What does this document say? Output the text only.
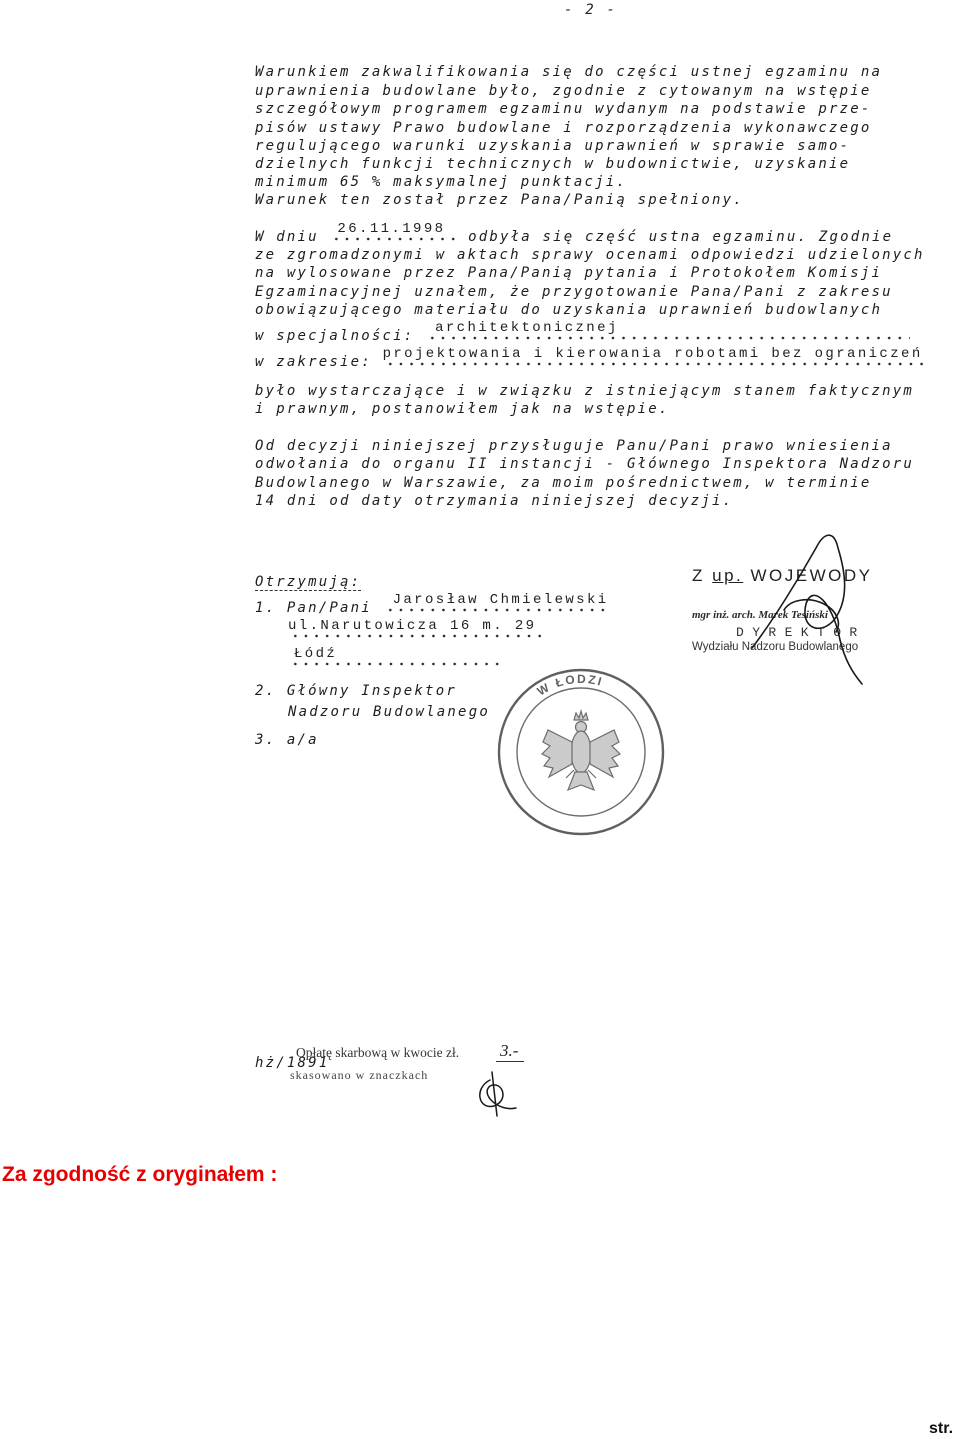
- 2 -
Warunkiem zakwalifikowania się do części ustnej egzaminu na
uprawnienia budowlane było, zgodnie z cytowanym na wstępie
szczegółowym programem egzaminu wydanym na podstawie prze-
pisów ustawy Prawo budowlane i rozporządzenia wykonawczego
regulującego warunki uzyskania uprawnień w sprawie samo-
dzielnych funkcji technicznych w budownictwie, uzyskanie
minimum 65 % maksymalnej punktacji.
Warunek ten został przez Pana/Panią spełniony.
W dniu 26.11.1998 odbyła się część ustna egzaminu. Zgodnie
ze zgromadzonymi w aktach sprawy ocenami odpowiedzi udzielonych
na wylosowane przez Pana/Panią pytania i Protokołem Komisji
Egzaminacyjnej uznałem, że przygotowanie Pana/Pani z zakresu
obowiązującego materiału do uzyskania uprawnień budowlanych
w specjalności: architektonicznej
w zakresie: projektowania i kierowania robotami bez ograniczeń
było wystarczające i w związku z istniejącym stanem faktycznym
i prawnym, postanowiłem jak na wstępie.
Od decyzji niniejszej przysługuje Panu/Pani prawo wniesienia
odwołania do organu II instancji - Głównego Inspektora Nadzoru
Budowlanego w Warszawie, za moim pośrednictwem, w terminie
14 dni od daty otrzymania niniejszej decyzji.
Otrzymują:
1. Pan/Pani Jarosław Chmielewski
ul.Narutowicza 16 m. 29
Łódź
2. Główny Inspektor
Nadzoru Budowlanego
3. a/a
Z up. WOJEWODY
mgr inż. arch. Marek Tesiński
D Y R E K T O R
Wydziału Nadzoru Budowlanego
Opłatę skarbową w kwocie zł. 3.-
skasowano w znaczkach
hż/1891
Za zgodność z oryginałem :
str.
W ŁODZI
